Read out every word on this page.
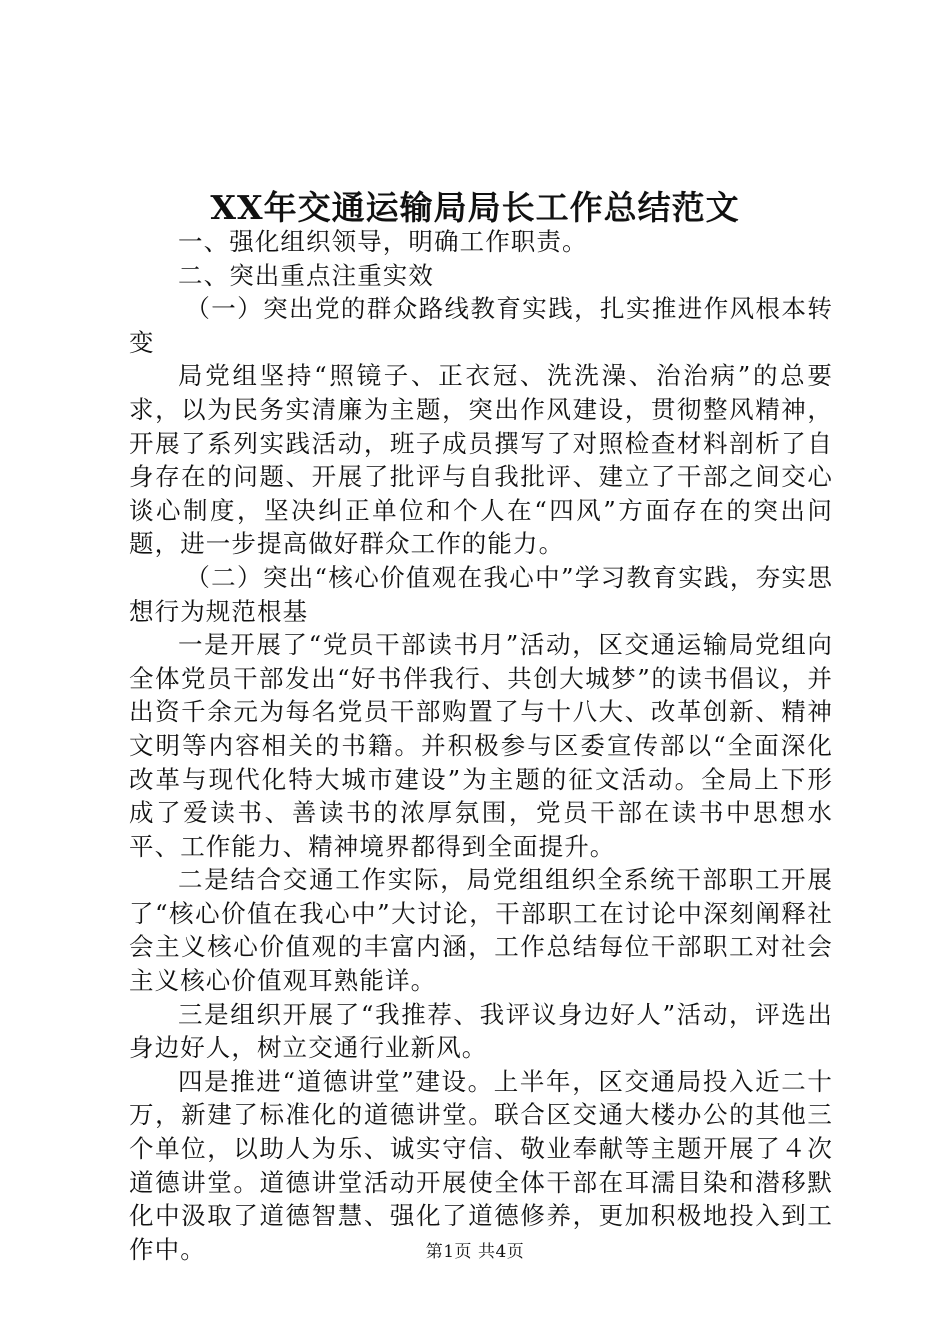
XX年交通运输局局长工作总结范文

一、强化组织领导，明确工作职责。

二、突出重点注重实效

（一）突出党的群众路线教育实践，扎实推进作风根本转变

局党组坚持“照镜子、正衣冠、洗洗澡、治治病”的总要求，以为民务实清廉为主题，突出作风建设，贯彻整风精神，开展了系列实践活动，班子成员撰写了对照检查材料剖析了自身存在的问题、开展了批评与自我批评、建立了干部之间交心谈心制度，坚决纠正单位和个人在“四风”方面存在的突出问题，进一步提高做好群众工作的能力。

（二）突出“核心价值观在我心中”学习教育实践，夯实思想行为规范根基

一是开展了“党员干部读书月”活动，区交通运输局党组向全体党员干部发出“好书伴我行、共创大城梦”的读书倡议，并出资千余元为每名党员干部购置了与十八大、改革创新、精神文明等内容相关的书籍。并积极参与区委宣传部以“全面深化改革与现代化特大城市建设”为主题的征文活动。全局上下形成了爱读书、善读书的浓厚氛围，党员干部在读书中思想水平、工作能力、精神境界都得到全面提升。

二是结合交通工作实际，局党组组织全系统干部职工开展了“核心价值在我心中”大讨论，干部职工在讨论中深刻阐释社会主义核心价值观的丰富内涵，工作总结每位干部职工对社会主义核心价值观耳熟能详。

三是组织开展了“我推荐、我评议身边好人”活动，评选出身边好人，树立交通行业新风。

四是推进“道德讲堂”建设。上半年，区交通局投入近二十万，新建了标准化的道德讲堂。联合区交通大楼办公的其他三个单位，以助人为乐、诚实守信、敬业奉献等主题开展了４次道德讲堂。道德讲堂活动开展使全体干部在耳濡目染和潜移默化中汲取了道德智慧、强化了道德修养，更加积极地投入到工作中。	第1页 共4页
